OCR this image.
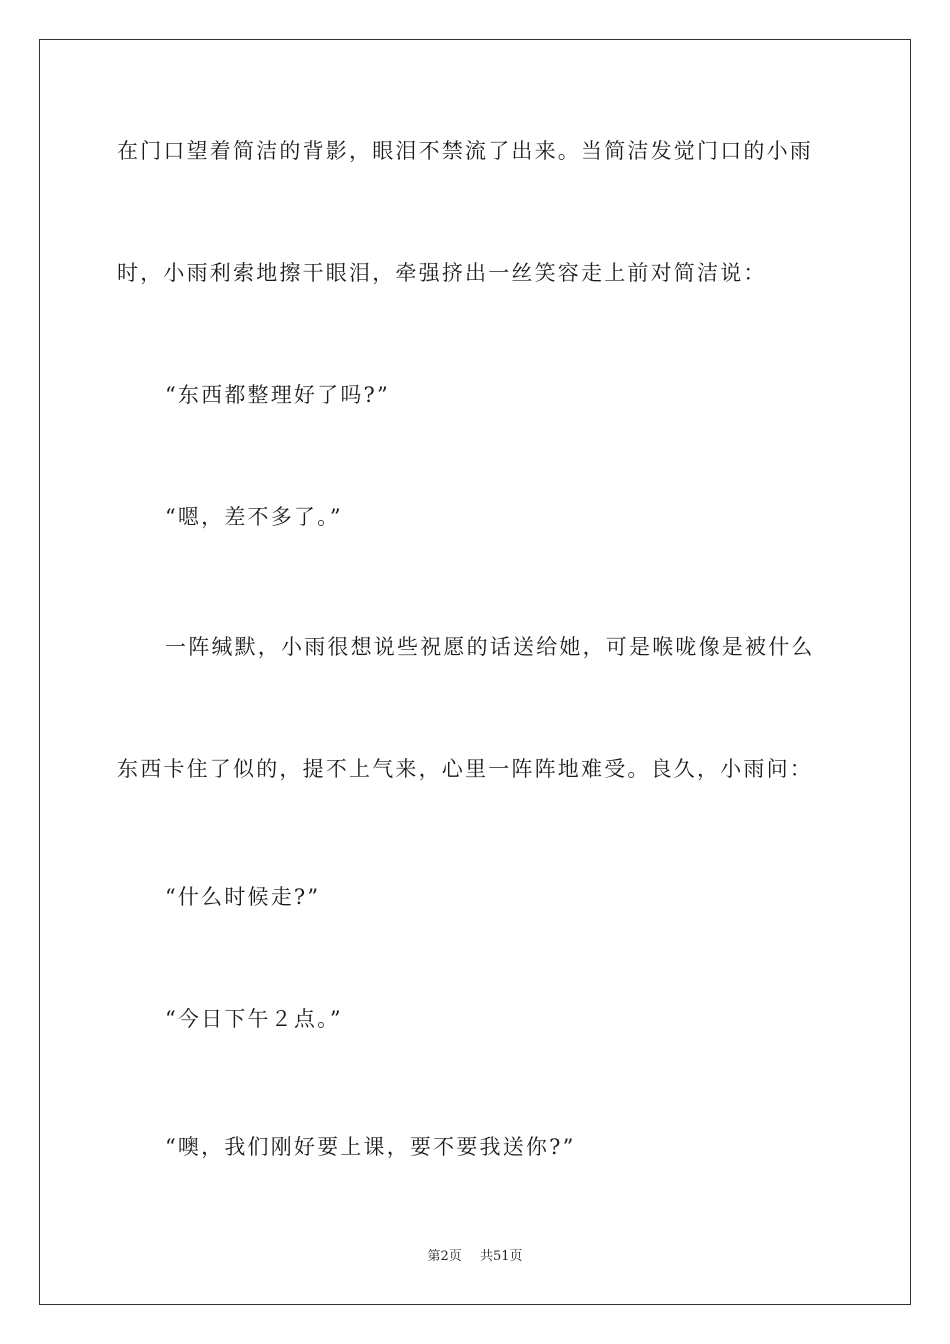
在门口望着简洁的背影，眼泪不禁流了出来。当简洁发觉门口的小雨
时，小雨利索地擦干眼泪，牵强挤出一丝笑容走上前对简洁说：
“东西都整理好了吗?”
“嗯，差不多了。”
一阵缄默，小雨很想说些祝愿的话送给她，可是喉咙像是被什么
东西卡住了似的，提不上气来，心里一阵阵地难受。良久，小雨问：
“什么时候走?”
“今日下午２点。”
“噢，我们刚好要上课，要不要我送你?”
第2页 共51页
